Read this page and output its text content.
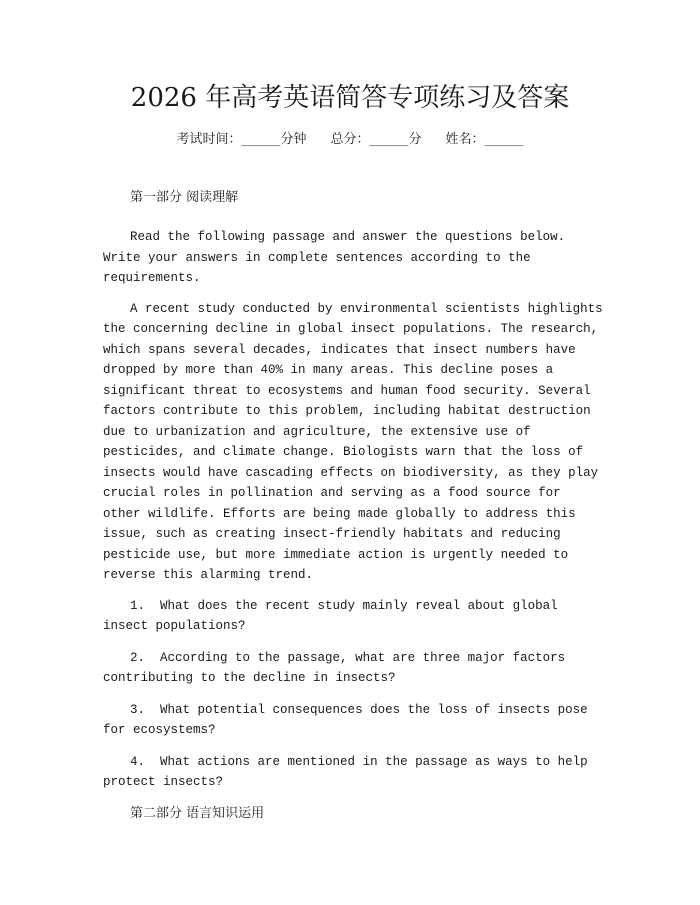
2026 年高考英语简答专项练习及答案
考试时间：______分钟 总分：______分 姓名：______
第一部分 阅读理解

Read the following passage and answer the questions below. Write your answers in complete sentences according to the requirements.

A recent study conducted by environmental scientists highlights the concerning decline in global insect populations. The research, which spans several decades, indicates that insect numbers have dropped by more than 40% in many areas. This decline poses a significant threat to ecosystems and human food security. Several factors contribute to this problem, including habitat destruction due to urbanization and agriculture, the extensive use of pesticides, and climate change. Biologists warn that the loss of insects would have cascading effects on biodiversity, as they play crucial roles in pollination and serving as a food source for other wildlife. Efforts are being made globally to address this issue, such as creating insect-friendly habitats and reducing pesticide use, but more immediate action is urgently needed to reverse this alarming trend.

1. What does the recent study mainly reveal about global insect populations?
2. According to the passage, what are three major factors contributing to the decline in insects?
3. What potential consequences does the loss of insects pose for ecosystems?
4. What actions are mentioned in the passage as ways to help protect insects?
第二部分 语言知识运用
